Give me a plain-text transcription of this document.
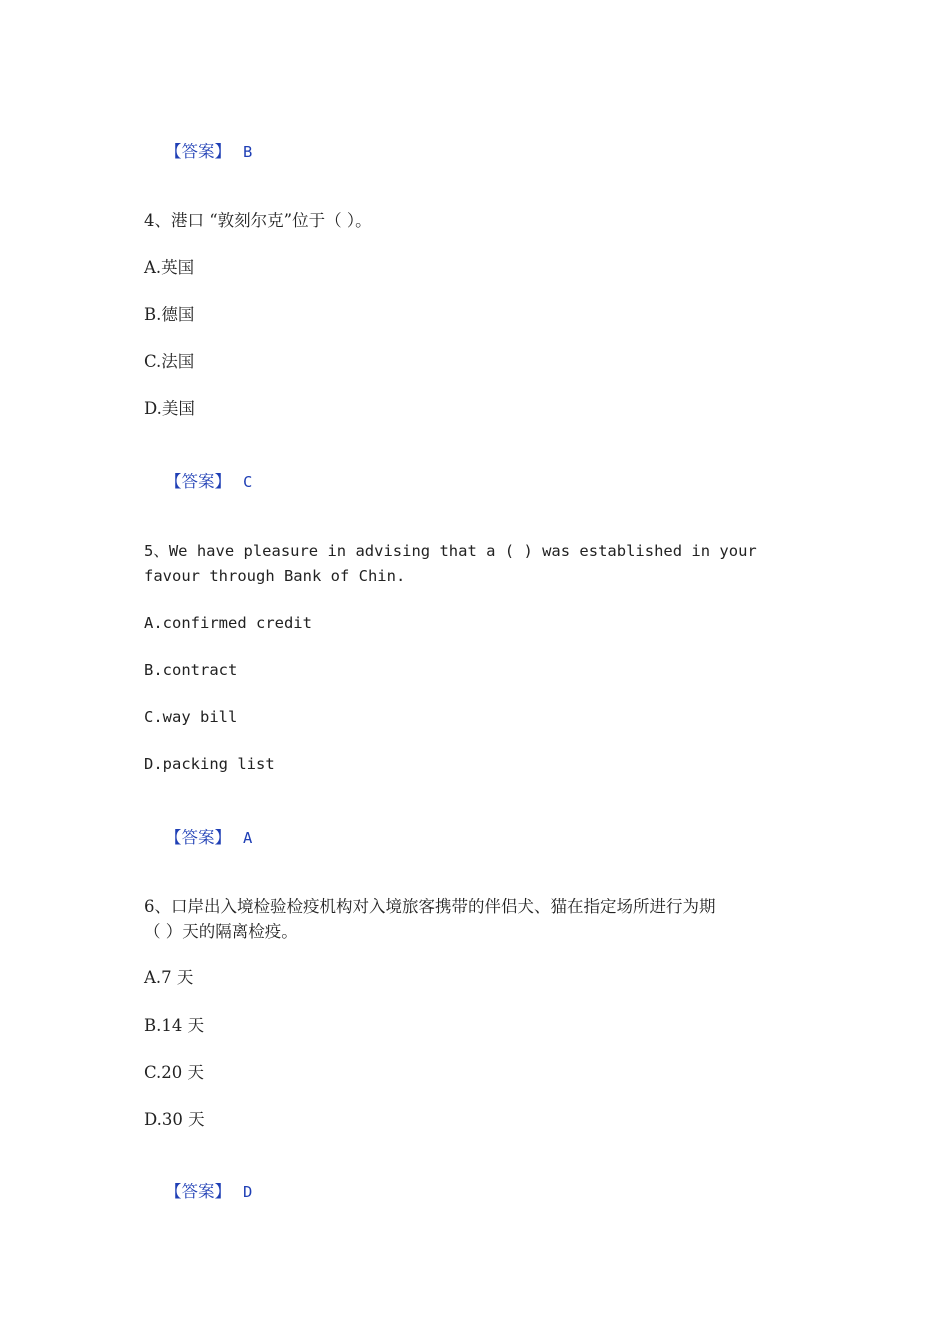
【答案】 B

4、港口 “敦刻尔克”位于（ ）。
A.英国
B.德国
C.法国
D.美国

【答案】 C

5、We have pleasure in advising that a ( ) was established in your
favour through Bank of Chin.
A.confirmed credit
B.contract
C.way bill
D.packing list

【答案】 A

6、口岸出入境检验检疫机构对入境旅客携带的伴侣犬、猫在指定场所进行为期
（ ）天的隔离检疫。
A.7 天
B.14 天
C.20 天
D.30 天

【答案】 D
